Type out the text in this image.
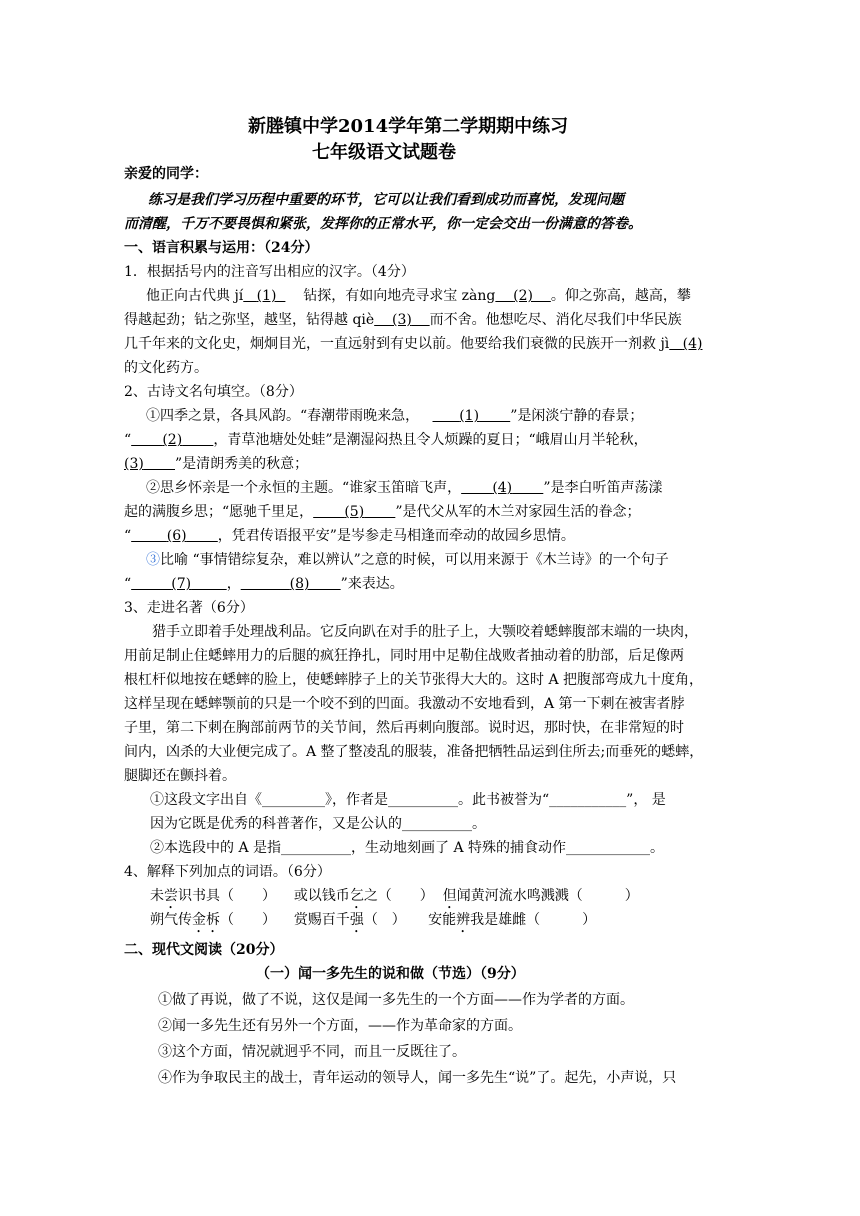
新塍镇中学2014学年第二学期期中练习
七年级语文试题卷
亲爱的同学：
练习是我们学习历程中重要的环节，它可以让我们看到成功而喜悦，发现问题
而清醒，千万不要畏惧和紧张，发挥你的正常水平，你一定会交出一份满意的答卷。
一、语言积累与运用：（24分）
1．根据括号内的注音写出相应的汉字。（4分）
他正向古代典 jí (1) 钻探，有如向地壳寻求宝 zàng (2) 。仰之弥高，越高，攀
得越起劲；钻之弥坚，越坚，钻得越 qiè (3) 而不舍。他想吃尽、消化尽我们中华民族
几千年来的文化史，炯炯目光，一直远射到有史以前。他要给我们衰微的民族开一剂救 jì (4)
的文化药方。
2、古诗文名句填空。（8分）
①四季之景，各具风韵。“春潮带雨晚来急，	(1) ”是闲淡宁静的春景；
“ (2) ，青草池塘处处蛙”是潮湿闷热且令人烦躁的夏日；“峨眉山月半轮秋，
(3) ”是清朗秀美的秋意；
②思乡怀亲是一个永恒的主题。“谁家玉笛暗飞声， (4) ”是李白听笛声荡漾
起的满腹乡思；“愿驰千里足， (5) ”是代父从军的木兰对家园生活的眷念；
“	(6) ，凭君传语报平安”是岑参走马相逢而牵动的故园乡思情。
③比喻 “事情错综复杂，难以辨认”之意的时候，可以用来源于《木兰诗》的一个句子
“	(7)	，	(8) ”来表达。
3、走进名著（6分）
猎手立即着手处理战利品。它反向趴在对手的肚子上，大颚咬着蟋蟀腹部末端的一块肉，
用前足制止住蟋蟀用力的后腿的疯狂挣扎，同时用中足勒住战败者抽动着的肋部，后足像两
根杠杆似地按在蟋蟀的脸上，使蟋蟀脖子上的关节张得大大的。这时 A 把腹部弯成九十度角，
这样呈现在蟋蟀颚前的只是一个咬不到的凹面。我激动不安地看到，A 第一下刺在被害者脖
子里，第二下刺在胸部前两节的关节间，然后再刺向腹部。说时迟，那时快，在非常短的时
间内，凶杀的大业便完成了。A 整了整凌乱的服装，准备把牺牲品运到住所去;而垂死的蟋蟀，
腿脚还在颤抖着。
①这段文字出自《_________》，作者是__________。此书被誉为“___________”， 是
因为它既是优秀的科普著作，又是公认的__________。
②本选段中的 A 是指__________，生动地刻画了 A 特殊的捕食动作____________。
4、解释下列加点的词语。（6分）
未尝识书具（　　） 或以钱币乞之（　　） 但闻黄河流水鸣溅溅（　　　）
朔气传金柝（　　） 赏赐百千强（　） 安能辨我是雄雌（　　　）
二、现代文阅读（20分）
（一）闻一多先生的说和做（节选）（9分）
①做了再说，做了不说，这仅是闻一多先生的一个方面——作为学者的方面。
②闻一多先生还有另外一个方面，——作为革命家的方面。
③这个方面，情况就迥乎不同，而且一反既往了。
④作为争取民主的战士，青年运动的领导人，闻一多先生“说”了。起先，小声说，只
